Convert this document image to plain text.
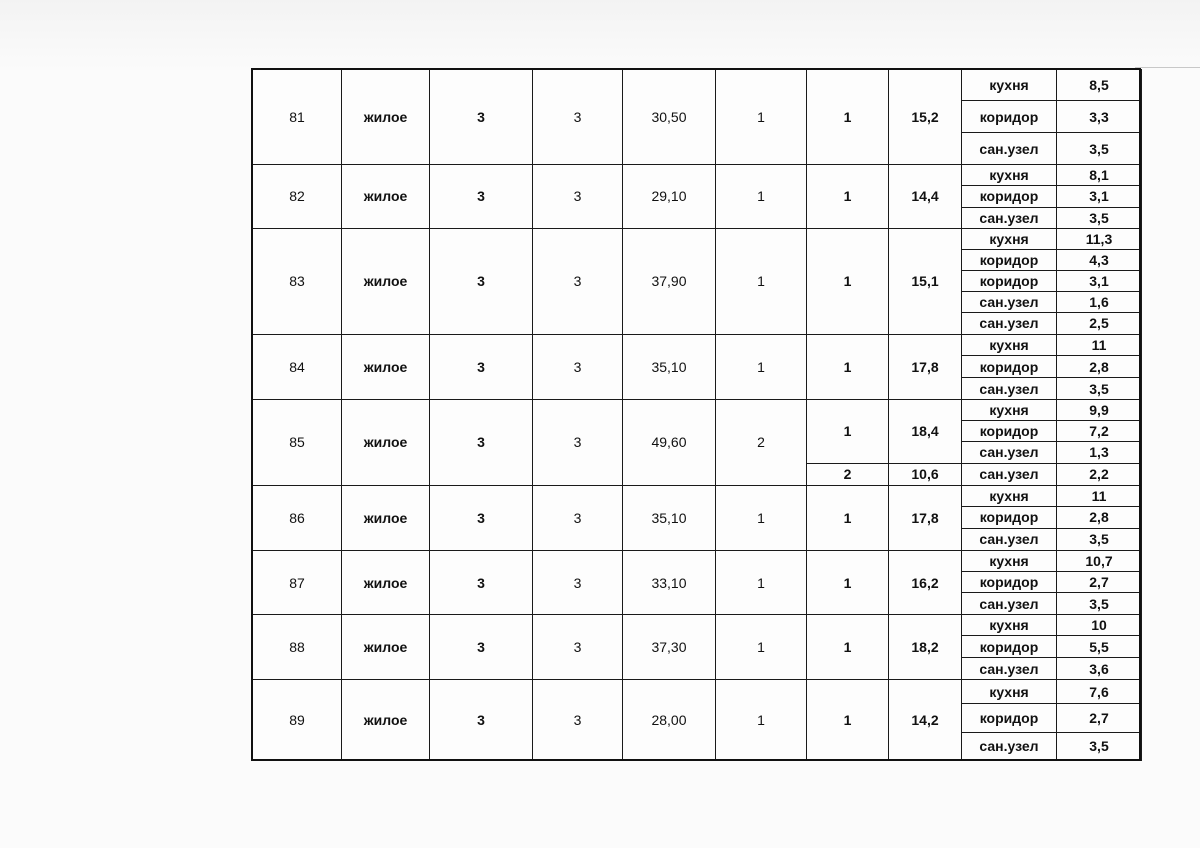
81	жилое	3	3	30,50	1	1	15,2	кухня	8,5
								коридор	3,3
								сан.узел	3,5
82	жилое	3	3	29,10	1	1	14,4	кухня	8,1
								коридор	3,1
								сан.узел	3,5
83	жилое	3	3	37,90	1	1	15,1	кухня	11,3
								коридор	4,3
								коридор	3,1
								сан.узел	1,6
								сан.узел	2,5
84	жилое	3	3	35,10	1	1	17,8	кухня	11
								коридор	2,8
								сан.узел	3,5
85	жилое	3	3	49,60	2	1	18,4	кухня	9,9
								коридор	7,2
								сан.узел	1,3
						2	10,6	сан.узел	2,2
86	жилое	3	3	35,10	1	1	17,8	кухня	11
								коридор	2,8
								сан.узел	3,5
87	жилое	3	3	33,10	1	1	16,2	кухня	10,7
								коридор	2,7
								сан.узел	3,5
88	жилое	3	3	37,30	1	1	18,2	кухня	10
								коридор	5,5
								сан.узел	3,6
89	жилое	3	3	28,00	1	1	14,2	кухня	7,6
								коридор	2,7
								сан.узел	3,5
